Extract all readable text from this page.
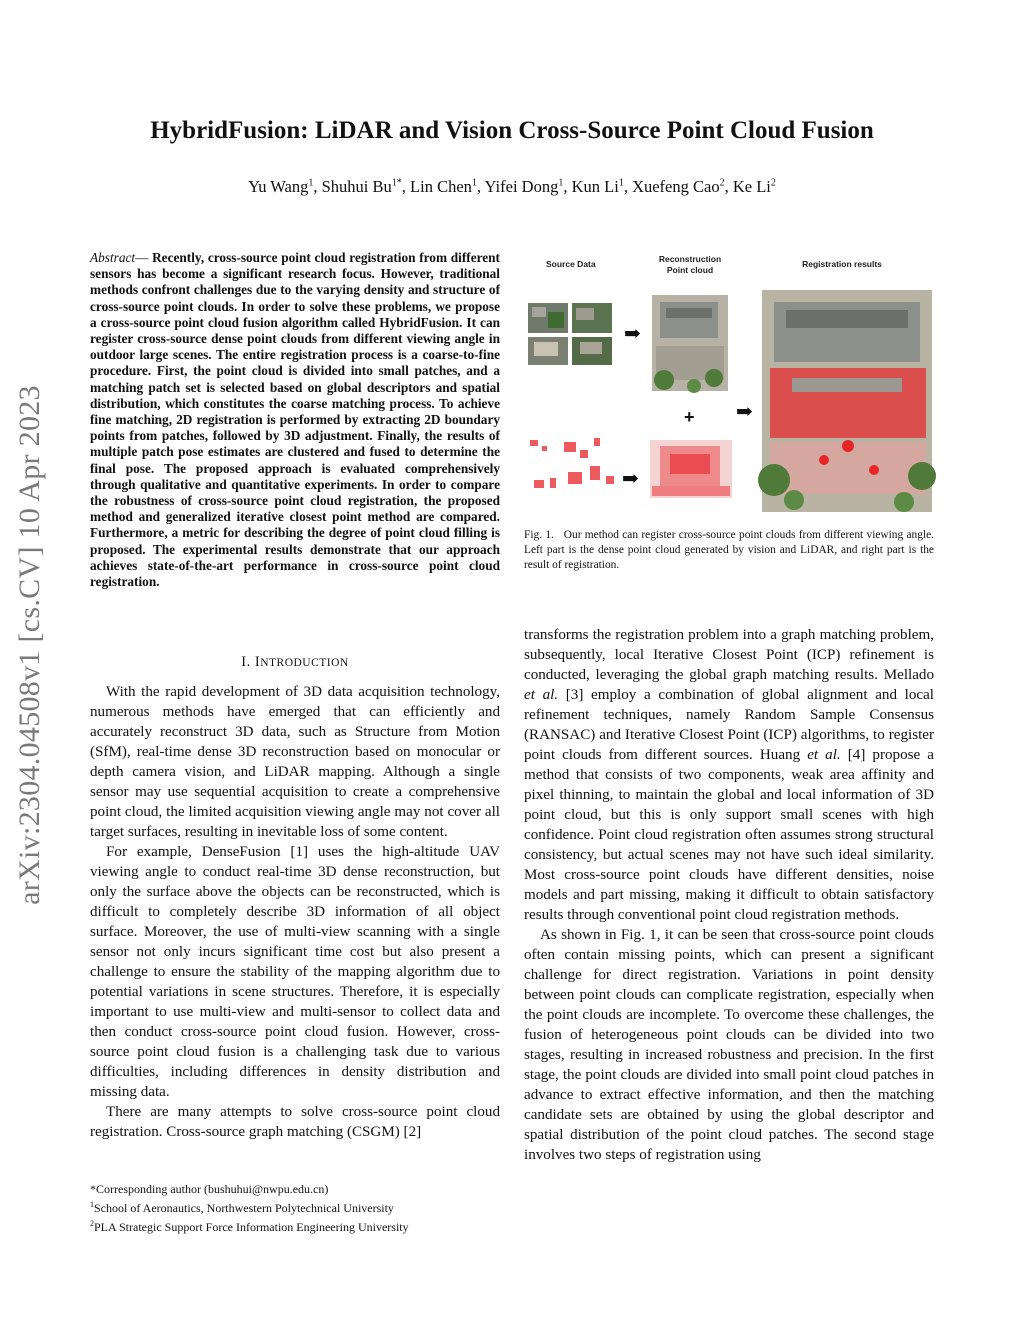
arXiv:2304.04508v1 [cs.CV] 10 Apr 2023
HybridFusion: LiDAR and Vision Cross-Source Point Cloud Fusion
Yu Wang$^1$, Shuhui $Bu^{1*}$, Lin Chen$^1$, Yifei Dong$^1$, Kun Li$^1$, Xuefeng Cao$^2$, Ke Li$^2$
Abstract— Recently, cross-source point cloud registration from different sensors has become a significant research focus. However, traditional methods confront challenges due to the varying density and structure of cross-source point clouds. In order to solve these problems, we propose a cross-source point cloud fusion algorithm called HybridFusion. It can register cross-source dense point clouds from different viewing angle in outdoor large scenes. The entire registration process is a coarse-to-fine procedure. First, the point cloud is divided into small patches, and a matching patch set is selected based on global descriptors and spatial distribution, which constitutes the coarse matching process. To achieve fine matching, 2D registration is performed by extracting 2D boundary points from patches, followed by 3D adjustment. Finally, the results of multiple patch pose estimates are clustered and fused to determine the final pose. The proposed approach is evaluated comprehensively through qualitative and quantitative experiments. In order to compare the robustness of cross-source point cloud registration, the proposed method and generalized iterative closest point method are compared. Furthermore, a metric for describing the degree of point cloud filling is proposed. The experimental results demonstrate that our approach achieves state-of-the-art performance in cross-source point cloud registration.
I. INTRODUCTION

With the rapid development of 3D data acquisition technology, numerous methods have emerged that can efficiently and accurately reconstruct 3D data, such as Structure from Motion (SfM), real-time dense 3D reconstruction based on monocular or depth camera vision, and LiDAR mapping. Although a single sensor may use sequential acquisition to create a comprehensive point cloud, the limited acquisition viewing angle may not cover all target surfaces, resulting in inevitable loss of some content.

For example, DenseFusion [1] uses the high-altitude UAV viewing angle to conduct real-time 3D dense reconstruction, but only the surface above the objects can be reconstructed, which is difficult to completely describe 3D information of all object surface. Moreover, the use of multi-view scanning with a single sensor not only incurs significant time cost but also present a challenge to ensure the stability of the mapping algorithm due to potential variations in scene structures. Therefore, it is especially important to use multi-view and multi-sensor to collect data and then conduct cross-source point cloud fusion. However, cross-source point cloud fusion is a challenging task due to various difficulties, including differences in density distribution and missing data.

There are many attempts to solve cross-source point cloud registration. Cross-source graph matching (CSGM) [2]

*Corresponding author (bushuhui@nwpu.edu.cn)
$^1$School of Aeronautics, Northwestern Polytechnical University
$^2$PLA Strategic Support Force Information Engineering University
Source Data	Reconstruction
Point cloud
Registration results
➡
+
➡
➡
Fig. 1. Our method can register cross-source point clouds from different viewing angle. Left part is the dense point cloud generated by vision and LiDAR, and right part is the result of registration.

transforms the registration problem into a graph matching problem, subsequently, local Iterative Closest Point (ICP) refinement is conducted, leveraging the global graph matching results. Mellado et al. [3] employ a combination of global alignment and local refinement techniques, namely Random Sample Consensus (RANSAC) and Iterative Closest Point (ICP) algorithms, to register point clouds from different sources. Huang et al. [4] propose a method that consists of two components, weak area affinity and pixel thinning, to maintain the global and local information of 3D point cloud, but this is only support small scenes with high confidence. Point cloud registration often assumes strong structural consistency, but actual scenes may not have such ideal similarity. Most cross-source point clouds have different densities, noise models and part missing, making it difficult to obtain satisfactory results through conventional point cloud registration methods.

As shown in Fig. 1, it can be seen that cross-source point clouds often contain missing points, which can present a significant challenge for direct registration. Variations in point density between point clouds can complicate registration, especially when the point clouds are incomplete. To overcome these challenges, the fusion of heterogeneous point clouds can be divided into two stages, resulting in increased robustness and precision. In the first stage, the point clouds are divided into small point cloud patches in advance to extract effective information, and then the matching candidate sets are obtained by using the global descriptor and spatial distribution of the point cloud patches. The second stage involves two steps of registration using
